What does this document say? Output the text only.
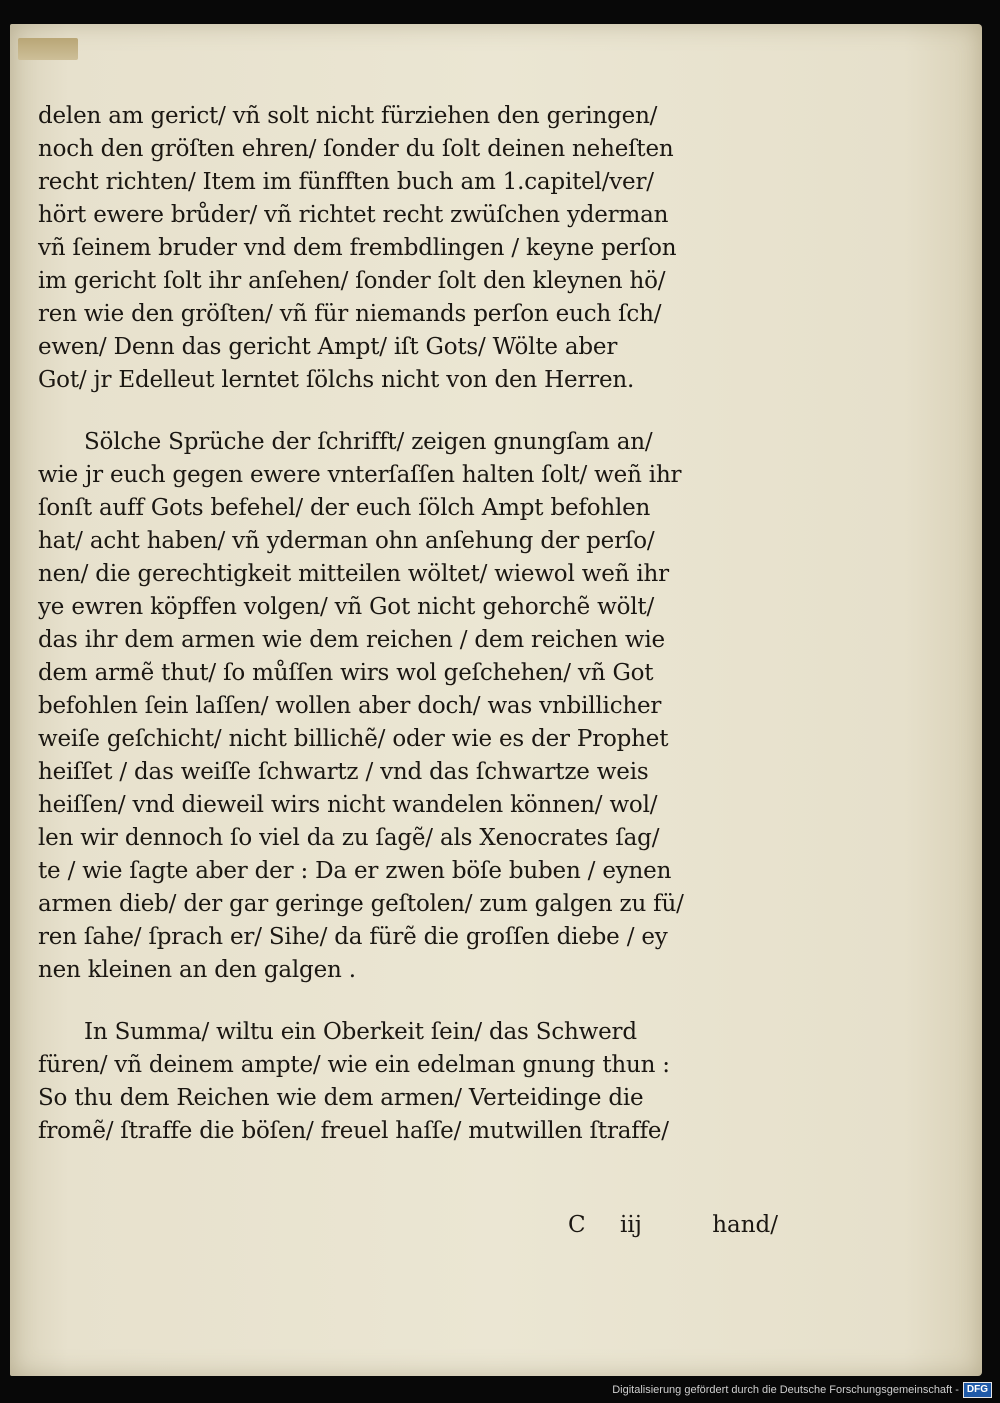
delen am gerict/ vñ solt nicht fürziehen den geringen/
noch den gröſten ehren/ ſonder du ſolt deinen neheſten
recht richten/ Item im fünfften buch am 1.capitel/ver/
hört ewere brůder/ vñ richtet recht zwüſchen yderman
vñ ſeinem bruder vnd dem frembdlingen / keyne perſon
im gericht ſolt ihr anſehen/ ſonder ſolt den kleynen hö/
ren wie den gröſten/ vñ für niemands perſon euch ſch/
ewen/ Denn das gericht Ampt/ iſt Gots/ Wölte aber
Got/ jr Edelleut lerntet ſölchs nicht von den Herren.
Sölche Sprüche der ſchrifft/ zeigen gnungſam an/
wie jr euch gegen ewere vnterſaſſen halten ſolt/ weñ ihr
ſonſt auff Gots befehel/ der euch ſölch Ampt befohlen
hat/ acht haben/ vñ yderman ohn anſehung der perſo/
nen/ die gerechtigkeit mitteilen wöltet/ wiewol weñ ihr
ye ewren köpffen volgen/ vñ Got nicht gehorchẽ wölt/
das ihr dem armen wie dem reichen / dem reichen wie
dem armẽ thut/ ſo můſſen wirs wol geſchehen/ vñ Got
befohlen ſein laſſen/ wollen aber doch/ was vnbillicher
weiſe geſchicht/ nicht billichẽ/ oder wie es der Prophet
heiſſet / das weiſſe ſchwartz / vnd das ſchwartze weis
heiſſen/ vnd dieweil wirs nicht wandelen können/ wol/
len wir dennoch ſo viel da zu ſagẽ/ als Xenocrates ſag/
te / wie ſagte aber der : Da er zwen böſe buben / eynen
armen dieb/ der gar geringe geſtolen/ zum galgen zu fü/
ren ſahe/ ſprach er/ Sihe/ da fürẽ die groſſen diebe / ey
nen kleinen an den galgen .
In Summa/ wiltu ein Oberkeit ſein/ das Schwerd
füren/ vñ deinem ampte/ wie ein edelman gnung thun :
So thu dem Reichen wie dem armen/ Verteidinge die
fromẽ/ ſtraffe die böſen/ freuel haſſe/ mutwillen ſtraffe/
C iij	hand/
Digitalisierung gefördert durch die Deutsche Forschungsgemeinschaft - DFG
